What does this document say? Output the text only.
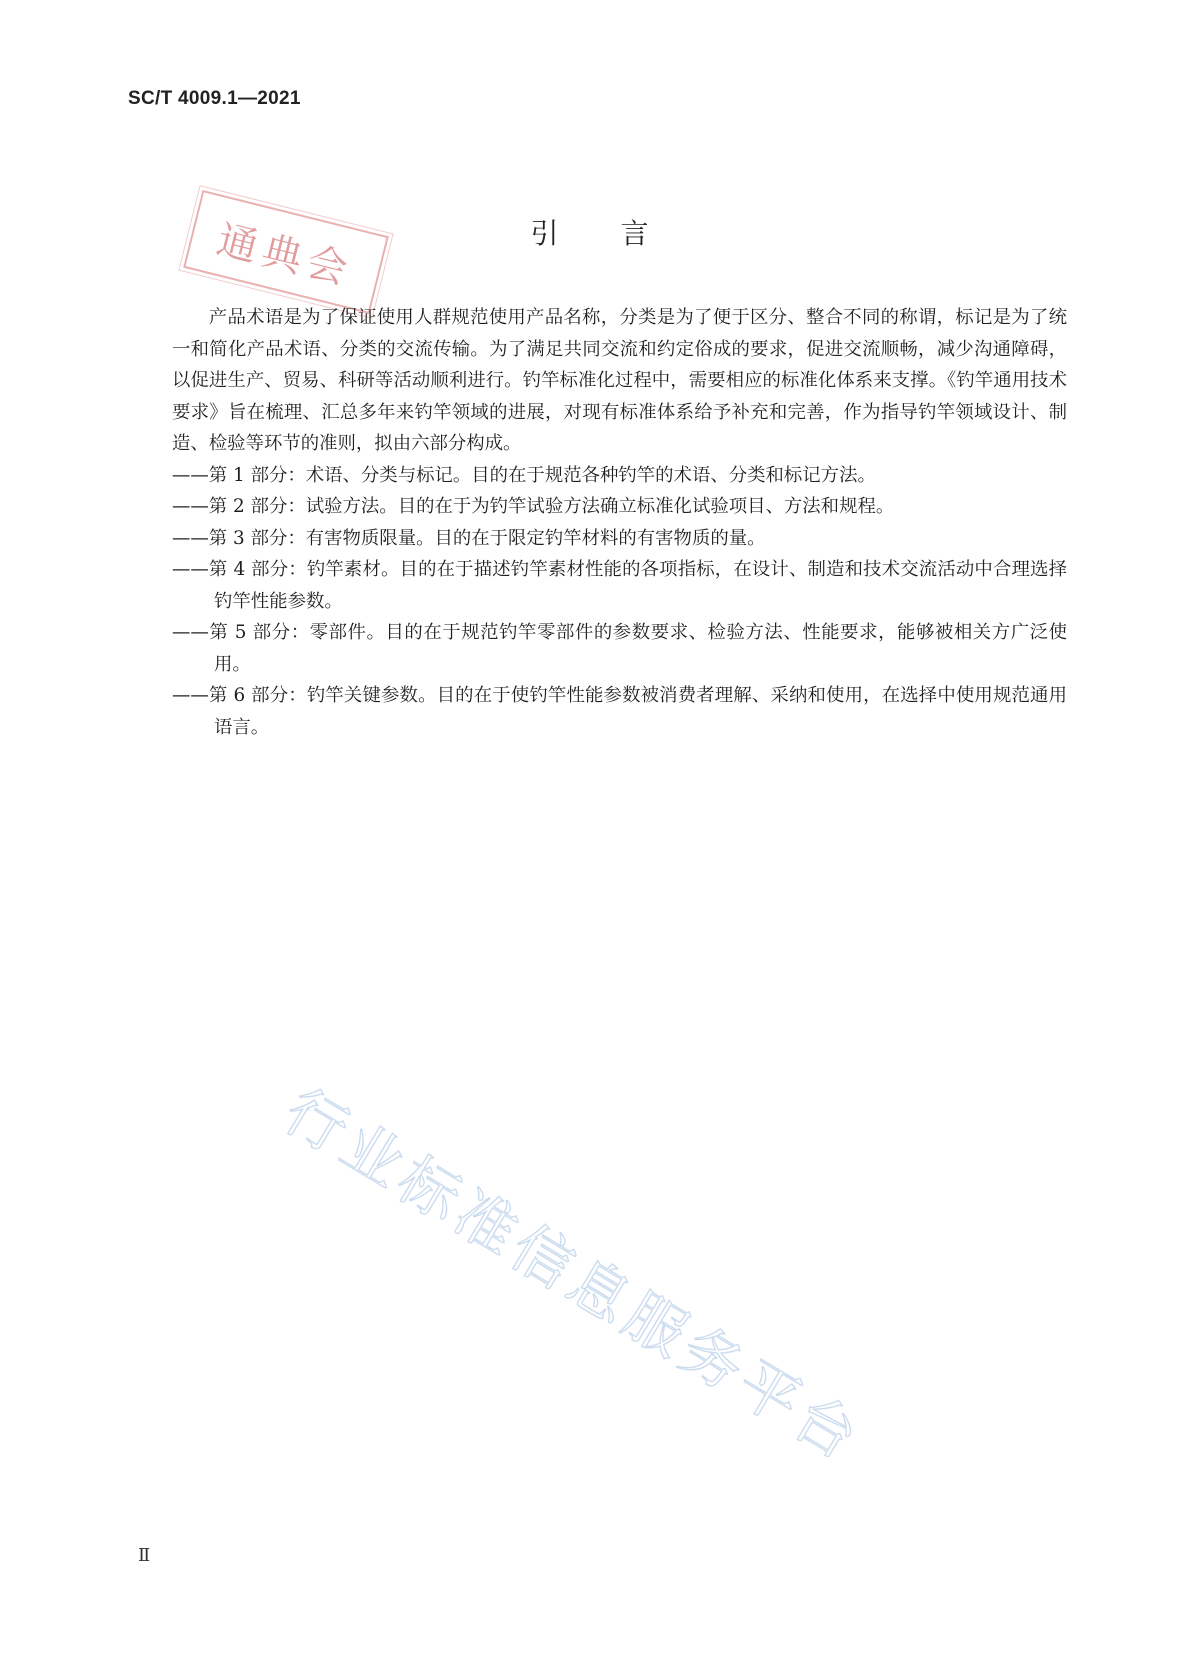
SC/T 4009.1—2021
通典会	引言

产品术语是为了保证使用人群规范使用产品名称，分类是为了便于区分、整合不同的称谓，标记是为了统一和简化产品术语、分类的交流传输。为了满足共同交流和约定俗成的要求，促进交流顺畅，减少沟通障碍，以促进生产、贸易、科研等活动顺利进行。钓竿标准化过程中，需要相应的标准化体系来支撑。《钓竿通用技术要求》旨在梳理、汇总多年来钓竿领域的进展，对现有标准体系给予补充和完善，作为指导钓竿领域设计、制造、检验等环节的准则，拟由六部分构成。

——第 1 部分：术语、分类与标记。目的在于规范各种钓竿的术语、分类和标记方法。

——第 2 部分：试验方法。目的在于为钓竿试验方法确立标准化试验项目、方法和规程。

——第 3 部分：有害物质限量。目的在于限定钓竿材料的有害物质的量。

——第 4 部分：钓竿素材。目的在于描述钓竿素材性能的各项指标，在设计、制造和技术交流活动中合理选择钓竿性能参数。

——第 5 部分：零部件。目的在于规范钓竿零部件的参数要求、检验方法、性能要求，能够被相关方广泛使用。

——第 6 部分：钓竿关键参数。目的在于使钓竿性能参数被消费者理解、采纳和使用，在选择中使用规范通用语言。

行业标准信息服务平台
Ⅱ
